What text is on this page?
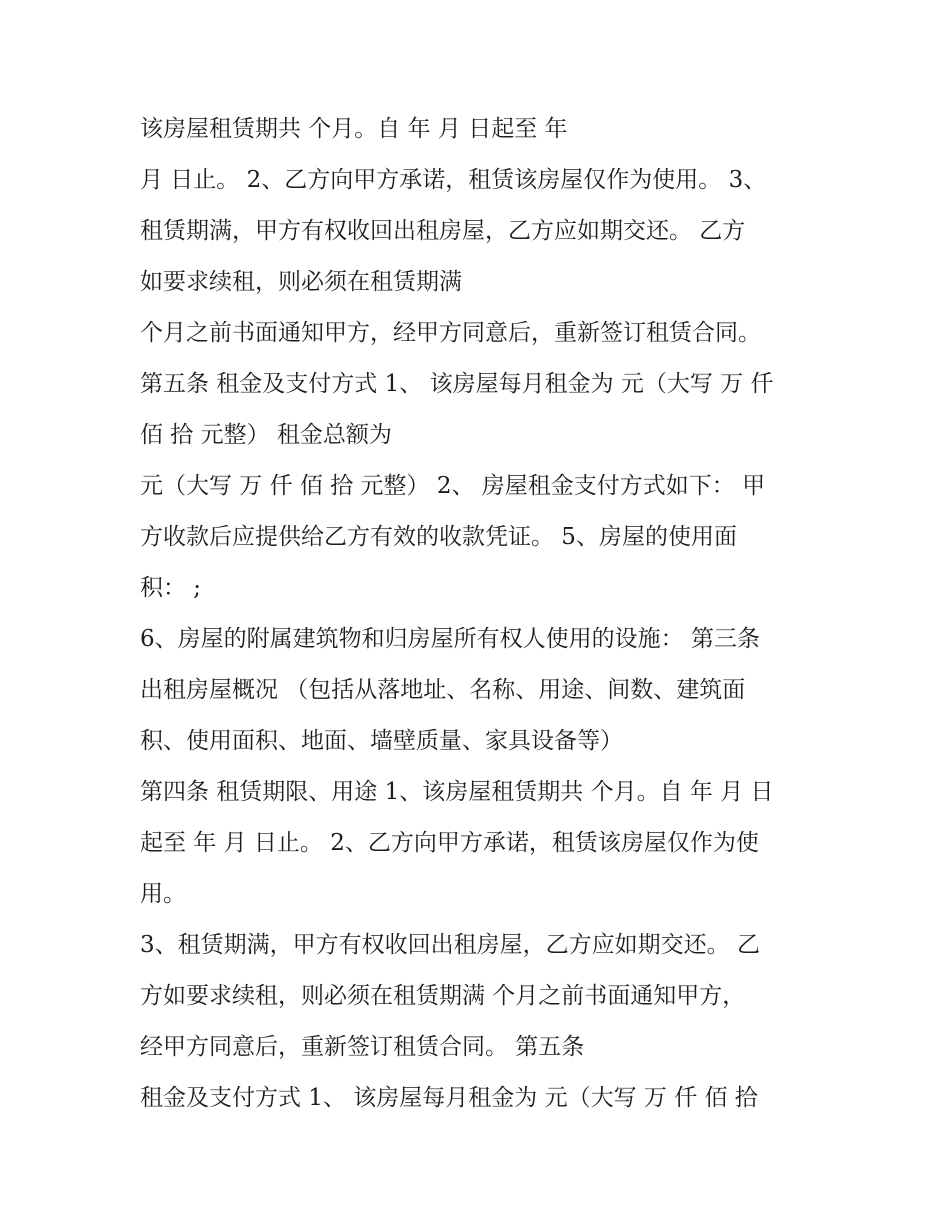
该房屋租赁期共 个月。自 年 月 日起至 年
月 日止。 2、乙方向甲方承诺，租赁该房屋仅作为使用。 3、
租赁期满，甲方有权收回出租房屋，乙方应如期交还。 乙方
如要求续租，则必须在租赁期满
个月之前书面通知甲方，经甲方同意后，重新签订租赁合同。
第五条 租金及支付方式 1、 该房屋每月租金为 元（大写 万 仟
佰 拾 元整） 租金总额为
元（大写 万 仟 佰 拾 元整） 2、 房屋租金支付方式如下： 甲
方收款后应提供给乙方有效的收款凭证。 5、房屋的使用面
积： ;
6、房屋的附属建筑物和归房屋所有权人使用的设施： 第三条
出租房屋概况 （包括从落地址、名称、用途、间数、建筑面
积、使用面积、地面、墙壁质量、家具设备等）
第四条 租赁期限、用途 1、该房屋租赁期共 个月。自 年 月 日
起至 年 月 日止。 2、乙方向甲方承诺，租赁该房屋仅作为使
用。
3、租赁期满，甲方有权收回出租房屋，乙方应如期交还。 乙
方如要求续租，则必须在租赁期满 个月之前书面通知甲方，
经甲方同意后，重新签订租赁合同。 第五条
租金及支付方式 1、 该房屋每月租金为 元（大写 万 仟 佰 拾
